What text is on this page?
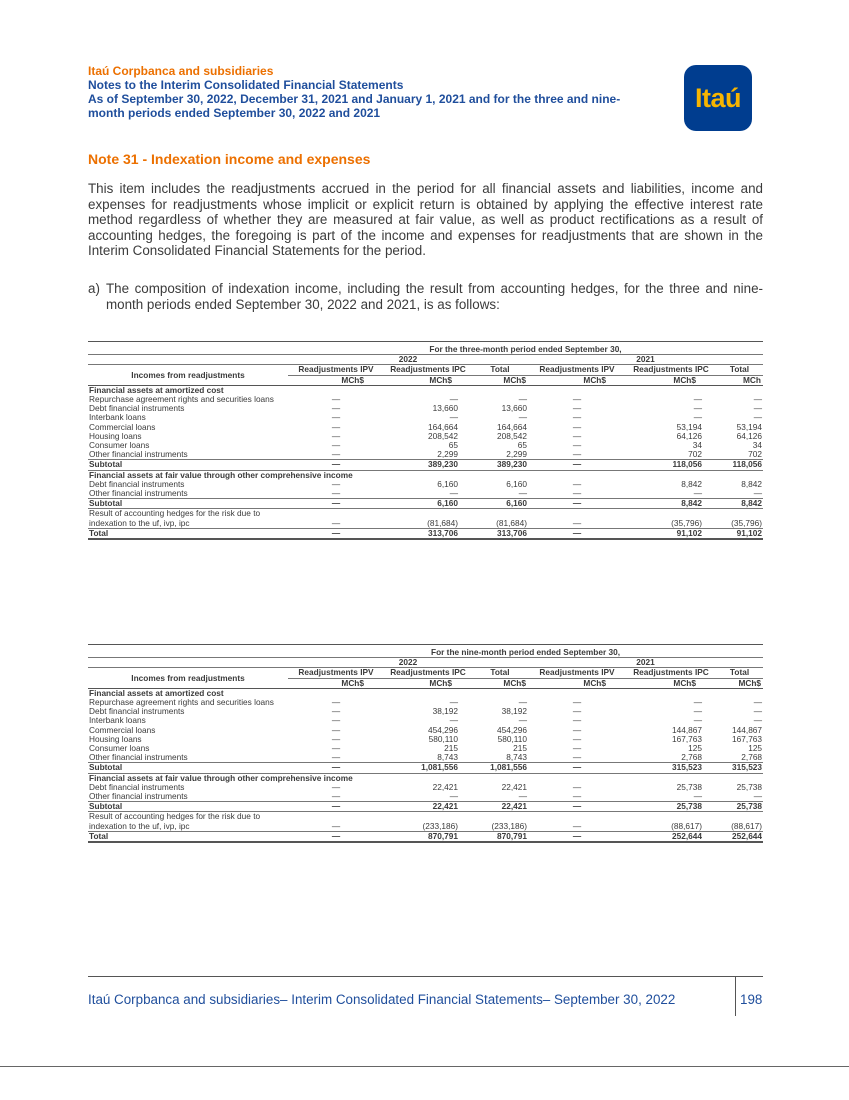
Itaú Corpbanca and subsidiaries
Notes to the Interim Consolidated Financial Statements
As of September 30, 2022, December 31, 2021 and January 1, 2021 and for the three and nine-
month periods ended September 30, 2022 and 2021
Itaú
Note 31 - Indexation income and expenses
This item includes the readjustments accrued in the period for all financial assets and liabilities, income and expenses for readjustments whose implicit or explicit return is obtained by applying the effective interest rate method regardless of whether they are measured at fair value, as well as product rectifications as a result of accounting hedges, the foregoing is part of the income and expenses for readjustments that are shown in the Interim Consolidated Financial Statements for the period.
a) The composition of indexation income, including the result from accounting hedges, for the three and nine-month periods ended September 30, 2022 and 2021, is as follows:
	For the three-month period ended September 30,					
	2022			2021		
Incomes from readjustments	Readjustments IPV	Readjustments IPC	Total	Readjustments IPV	Readjustments IPC	Total
	MCh$	MCh$	MCh$	MCh$	MCh$	MCh
Financial assets at amortized cost						
Repurchase agreement rights and securities loans	—	—	—	—	—	—
Debt financial instruments	—	13,660	13,660	—	—	—
Interbank loans	—	—	—	—	—	—
Commercial loans	—	164,664	164,664	—	53,194	53,194
Housing loans	—	208,542	208,542	—	64,126	64,126
Consumer loans	—	65	65	—	34	34
Other financial instruments	—	2,299	2,299	—	702	702
Subtotal	—	389,230	389,230	—	118,056	118,056
Financial assets at fair value through other comprehensive income						
Debt financial instruments	—	6,160	6,160	—	8,842	8,842
Other financial instruments	—	—	—	—	—	—
Subtotal	—	6,160	6,160	—	8,842	8,842
Result of accounting hedges for the risk due to indexation to the uf, ivp, ipc	—	(81,684)	(81,684)	—	(35,796)	(35,796)
Total	—	313,706	313,706	—	91,102	91,102
	For the nine-month period ended September 30,					
	2022			2021		
Incomes from readjustments	Readjustments IPV	Readjustments IPC	Total	Readjustments IPV	Readjustments IPC	Total
	MCh$	MCh$	MCh$	MCh$	MCh$	MCh$
Financial assets at amortized cost						
Repurchase agreement rights and securities loans	—	—	—	—	—	—
Debt financial instruments	—	38,192	38,192	—	—	—
Interbank loans	—	—	—	—	—	—
Commercial loans	—	454,296	454,296	—	144,867	144,867
Housing loans	—	580,110	580,110	—	167,763	167,763
Consumer loans	—	215	215	—	125	125
Other financial instruments	—	8,743	8,743	—	2,768	2,768
Subtotal	—	1,081,556	1,081,556	—	315,523	315,523
Financial assets at fair value through other comprehensive income						
Debt financial instruments	—	22,421	22,421	—	25,738	25,738
Other financial instruments	—	—	—	—	—	—
Subtotal	—	22,421	22,421	—	25,738	25,738
Result of accounting hedges for the risk due to indexation to the uf, ivp, ipc	—	(233,186)	(233,186)	—	(88,617)	(88,617)
Total	—	870,791	870,791	—	252,644	252,644
Itaú Corpbanca and subsidiaries– Interim Consolidated Financial Statements– September 30, 2022	198
